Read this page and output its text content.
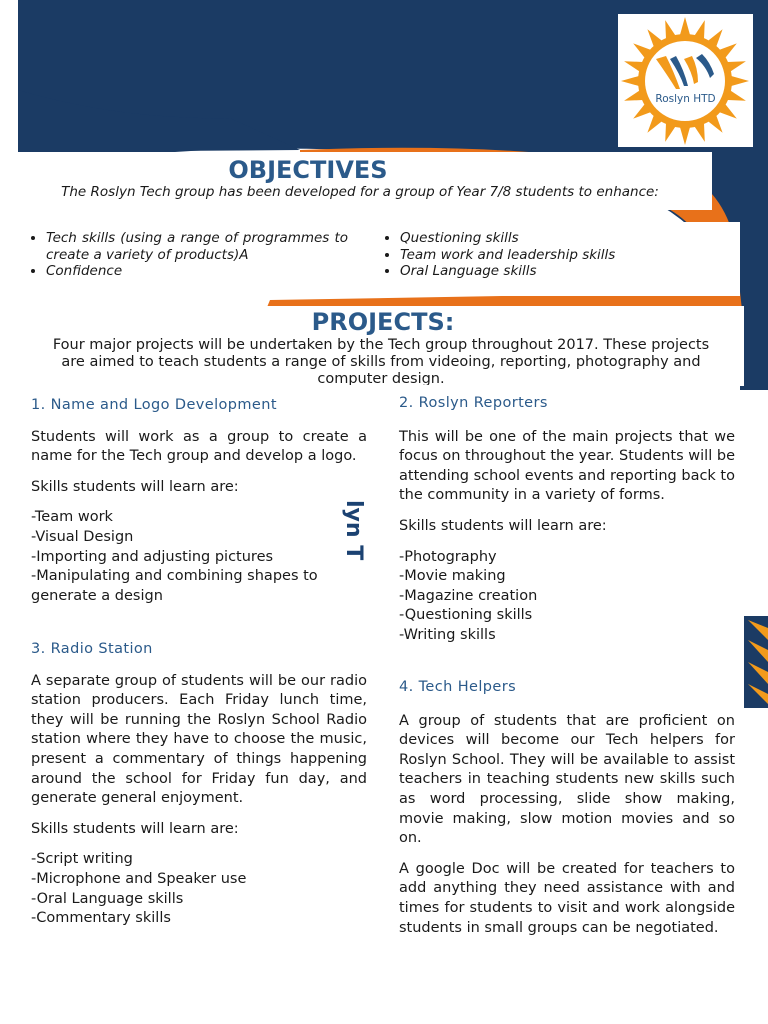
Roslyn HTD
OBJECTIVES
The Roslyn Tech group has been developed for a group of Year 7/8 students to enhance:
• Tech skills (using a range of programmes to create a variety of products)A
• Confidence
• Questioning skills
• Team work and leadership skills
• Oral Language skills
PROJECTS:
Four major projects will be undertaken by the Tech group throughout 2017. These projects
are aimed to teach students a range of skills from videoing, reporting, photography and
computer design.
lyn T
1. Name and Logo Development

Students will work as a group to create a name for the Tech group and develop a logo.

Skills students will learn are:

-Team work
-Visual Design
-Importing and adjusting pictures
-Manipulating and combining shapes to generate a design
3. Radio Station

A separate group of students will be our radio station producers. Each Friday lunch time, they will be running the Roslyn School Radio station where they have to choose the music, present a commentary of things happening around the school for Friday fun day, and generate general enjoyment.

Skills students will learn are:

-Script writing
-Microphone and Speaker use
-Oral Language skills
-Commentary skills
2. Roslyn Reporters

This will be one of the main projects that we focus on throughout the year. Students will be attending school events and reporting back to the community in a variety of forms.

Skills students will learn are:

-Photography
-Movie making
-Magazine creation
-Questioning skills
-Writing skills
4. Tech Helpers

A group of students that are proficient on devices will become our Tech helpers for Roslyn School. They will be available to assist teachers in teaching students new skills such as word processing, slide show making, movie making, slow motion movies and so on.

A google Doc will be created for teachers to add anything they need assistance with and times for students to visit and work alongside students in small groups can be negotiated.
